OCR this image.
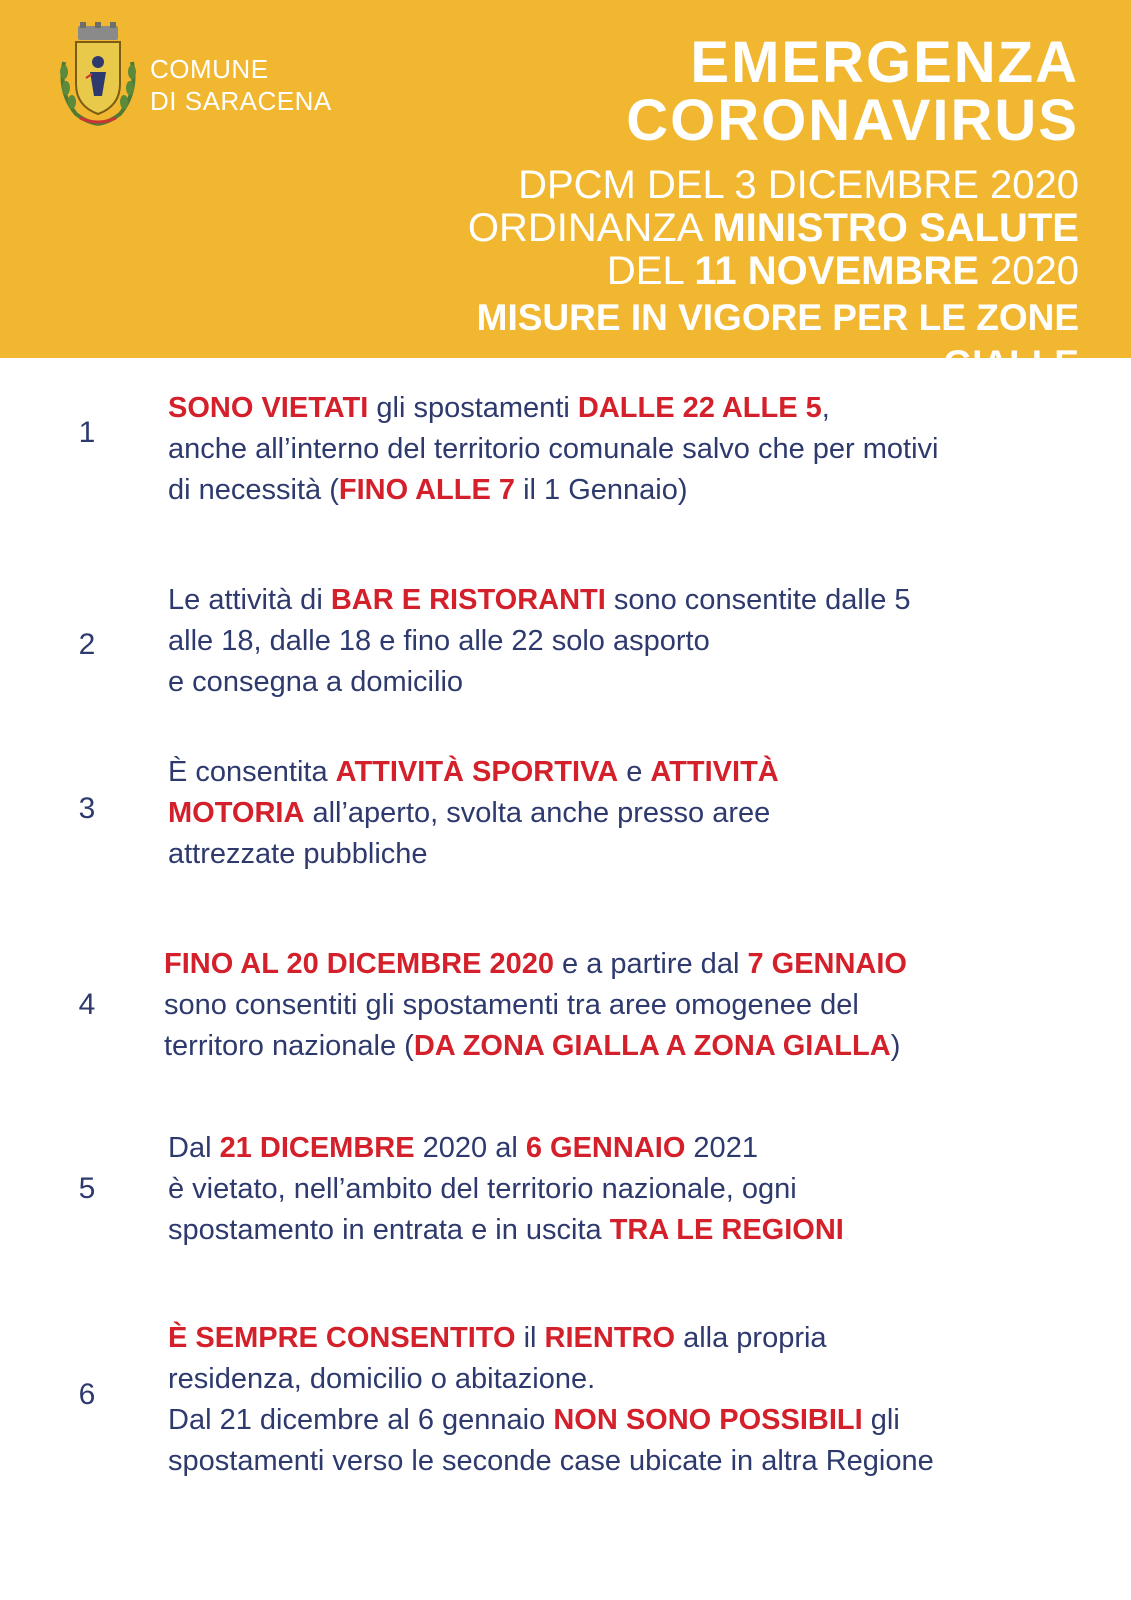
COMUNE
DI SARACENA
EMERGENZA
CORONAVIRUS
DPCM DEL 3 DICEMBRE 2020
ORDINANZA MINISTRO SALUTE
DEL 11 NOVEMBRE 2020
MISURE IN VIGORE PER LE ZONE GIALLE
1
SONO VIETATI gli spostamenti DALLE 22 ALLE 5,
anche all’interno del territorio comunale salvo che per motivi
di necessità (FINO ALLE 7 il 1 Gennaio)
2
Le attività di BAR E RISTORANTI sono consentite dalle 5
alle 18, dalle 18 e fino alle 22 solo asporto
e consegna a domicilio
3
È consentita ATTIVITÀ SPORTIVA e ATTIVITÀ
MOTORIA all’aperto, svolta anche presso aree
attrezzate pubbliche
4
FINO AL 20 DICEMBRE 2020 e a partire dal 7 GENNAIO
sono consentiti gli spostamenti tra aree omogenee del
territoro nazionale (DA ZONA GIALLA A ZONA GIALLA)
5
Dal 21 DICEMBRE 2020 al 6 GENNAIO 2021
è vietato, nell’ambito del territorio nazionale, ogni
spostamento in entrata e in uscita TRA LE REGIONI
6
È SEMPRE CONSENTITO il RIENTRO alla propria
residenza, domicilio o abitazione.
Dal 21 dicembre al 6 gennaio NON SONO POSSIBILI gli
spostamenti verso le seconde case ubicate in altra Regione
